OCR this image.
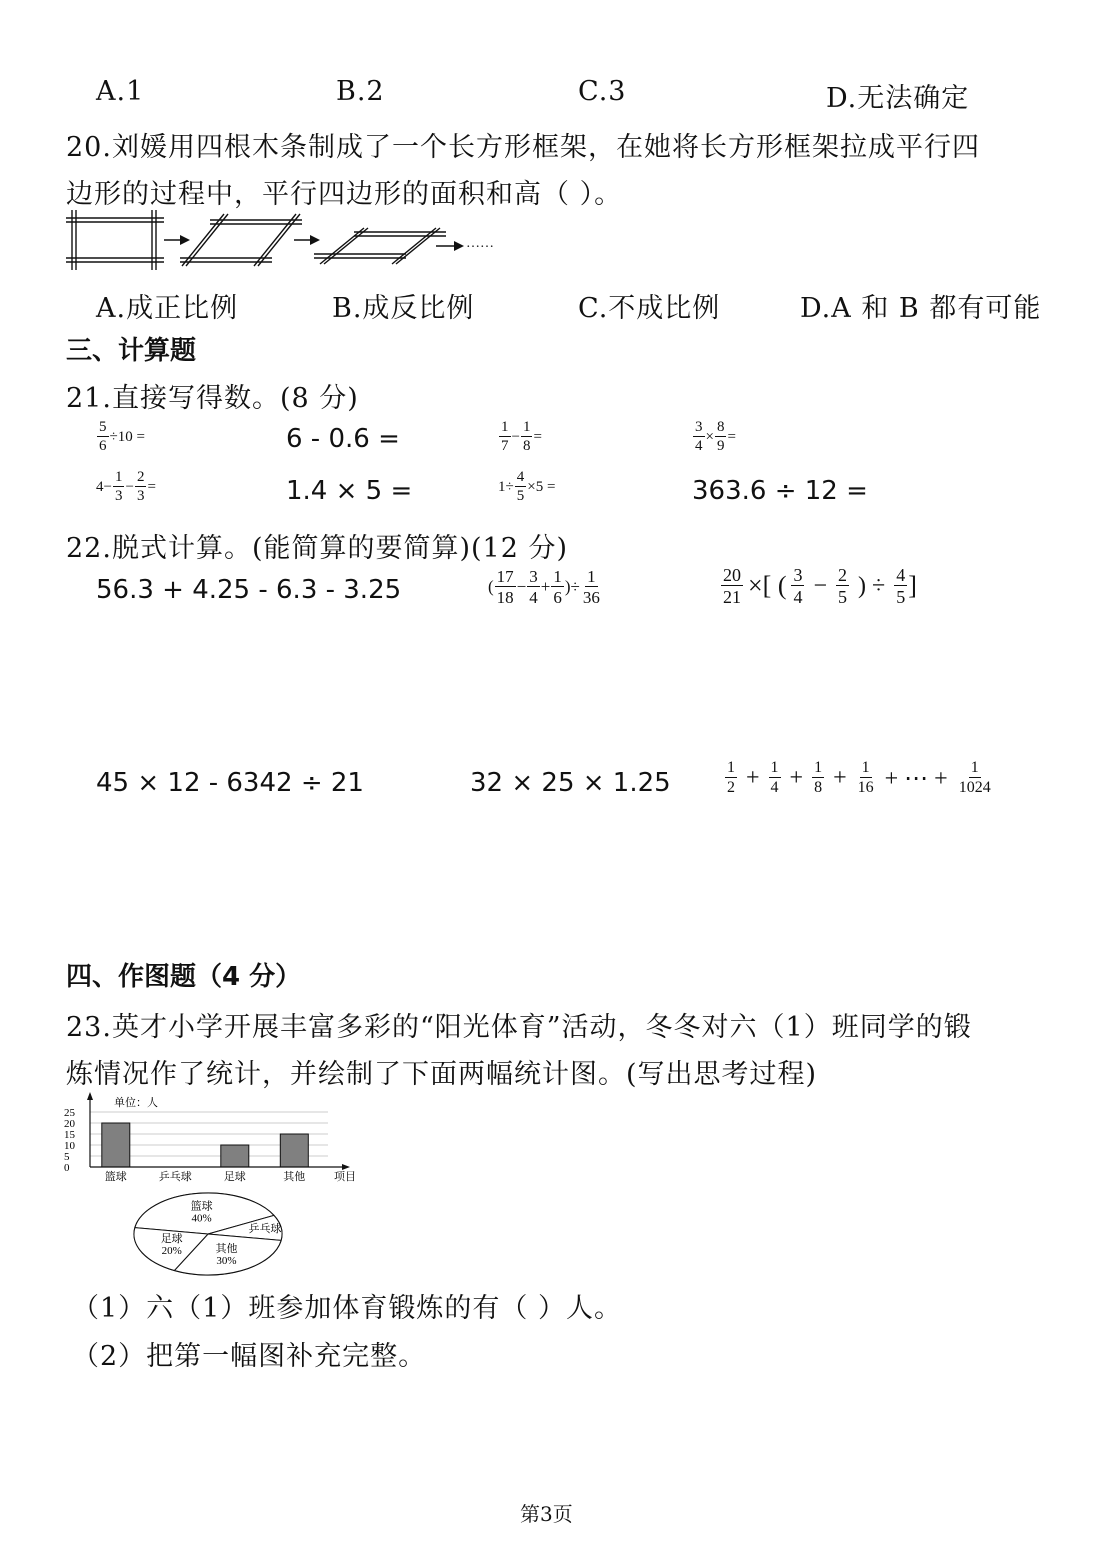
A.1	B.2	C.3	D.无法确定
20.刘媛用四根木条制成了一个长方形框架，在她将长方形框架拉成平行四
边形的过程中，平行四边形的面积和高（ ）。
……
A.成正比例	B.成反比例	C.不成比例	D.A 和 B 都有可能
三、计算题
21.直接写得数。(8 分)
$\frac{5}{6} \div 10$ =	6 - 0.6 =	$\frac{1}{7} - \frac{1}{8}$ =	$\frac{3}{4} \times \frac{8}{9}$ =
$4- \frac{1}{3} - \frac{2}{3}$ =	1.4 × 5 =	$1\div \frac{4}{5} \times 5$ =	363.6 ÷ 12 =
22.脱式计算。(能简算的要简算)(12 分)
56.3 + 4.25 - 6.3 - 3.25	( $\frac{17}{18} - \frac{3}{4} + \frac{1}{6}$ )÷ $\frac{1}{36}$	$\frac{20}{21}$ ×[ ( $\frac{3}{4} - \frac{2}{5}$ ) ÷ $\frac{4}{5}$ ]
45 × 12 - 6342 ÷ 21	32 × 25 × 1.25	$\frac{1}{2} + \frac{1}{4} + \frac{1}{8} + \frac{1}{16}$ + ⋯ + $\frac{1}{1024}$
四、作图题（4 分）
23.英才小学开展丰富多彩的“阳光体育”活动，冬冬对六（1）班同学的锻
炼情况作了统计，并绘制了下面两幅统计图。(写出思考过程)
单位：人
项目
25
20
15
10
5
0
篮球	乒乓球	足球	其他
篮球
40%
乒乓球
其他
30%
足球
20%
（1）六（1）班参加体育锻炼的有（ ）人。
（2）把第一幅图补充完整。
第3页
